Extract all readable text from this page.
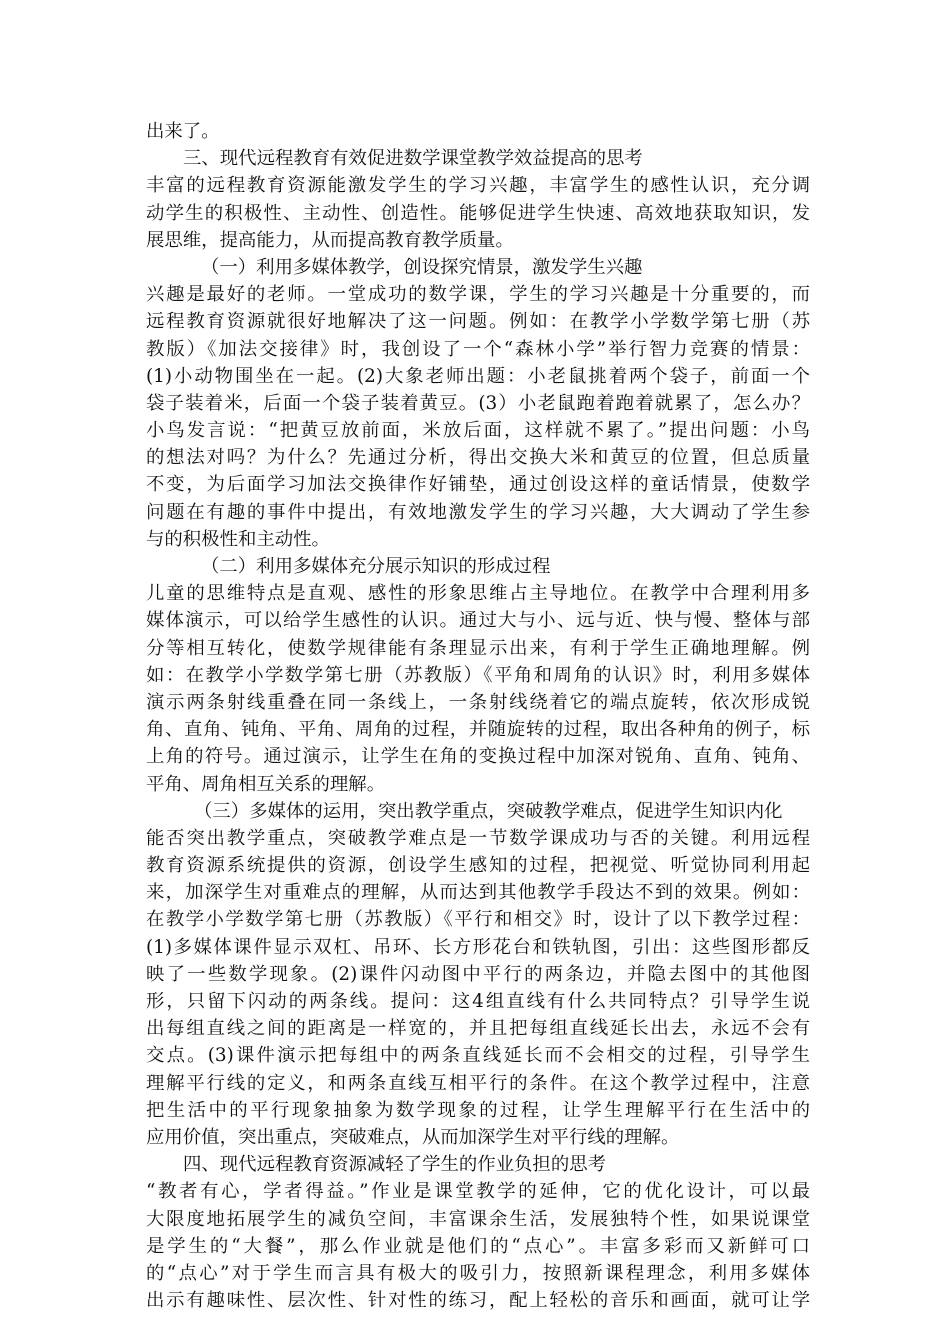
出来了。
三、现代远程教育有效促进数学课堂教学效益提高的思考
丰富的远程教育资源能激发学生的学习兴趣，丰富学生的感性认识，充分调
动学生的积极性、主动性、创造性。能够促进学生快速、高效地获取知识，发
展思维，提高能力，从而提高教育教学质量。
（一）利用多媒体教学，创设探究情景，激发学生兴趣
兴趣是最好的老师。一堂成功的数学课，学生的学习兴趣是十分重要的，而
远程教育资源就很好地解决了这一问题。例如：在教学小学数学第七册（苏
教版）《加法交接律》时，我创设了一个“森林小学”举行智力竞赛的情景：
(1)小动物围坐在一起。(2)大象老师出题：小老鼠挑着两个袋子，前面一个
袋子装着米，后面一个袋子装着黄豆。(3）小老鼠跑着跑着就累了，怎么办？
小鸟发言说：“把黄豆放前面，米放后面，这样就不累了。”提出问题：小鸟
的想法对吗？为什么？先通过分析，得出交换大米和黄豆的位置，但总质量
不变，为后面学习加法交换律作好铺垫，通过创设这样的童话情景，使数学
问题在有趣的事件中提出，有效地激发学生的学习兴趣，大大调动了学生参
与的积极性和主动性。
（二）利用多媒体充分展示知识的形成过程
儿童的思维特点是直观、感性的形象思维占主导地位。在教学中合理利用多
媒体演示，可以给学生感性的认识。通过大与小、远与近、快与慢、整体与部
分等相互转化，使数学规律能有条理显示出来，有利于学生正确地理解。例
如：在教学小学数学第七册（苏教版）《平角和周角的认识》时，利用多媒体
演示两条射线重叠在同一条线上，一条射线绕着它的端点旋转，依次形成锐
角、直角、钝角、平角、周角的过程，并随旋转的过程，取出各种角的例子，标
上角的符号。通过演示，让学生在角的变换过程中加深对锐角、直角、钝角、
平角、周角相互关系的理解。
（三）多媒体的运用，突出教学重点，突破教学难点，促进学生知识内化
能否突出教学重点，突破教学难点是一节数学课成功与否的关键。利用远程
教育资源系统提供的资源，创设学生感知的过程，把视觉、听觉协同利用起
来，加深学生对重难点的理解，从而达到其他教学手段达不到的效果。例如：
在教学小学数学第七册（苏教版）《平行和相交》时，设计了以下教学过程：
(1)多媒体课件显示双杠、吊环、长方形花台和铁轨图，引出：这些图形都反
映了一些数学现象。(2)课件闪动图中平行的两条边，并隐去图中的其他图
形，只留下闪动的两条线。提问：这4组直线有什么共同特点？引导学生说
出每组直线之间的距离是一样宽的，并且把每组直线延长出去，永远不会有
交点。(3)课件演示把每组中的两条直线延长而不会相交的过程，引导学生
理解平行线的定义，和两条直线互相平行的条件。在这个教学过程中，注意
把生活中的平行现象抽象为数学现象的过程，让学生理解平行在生活中的
应用价值，突出重点，突破难点，从而加深学生对平行线的理解。
四、现代远程教育资源减轻了学生的作业负担的思考
“教者有心，学者得益。”作业是课堂教学的延伸，它的优化设计，可以最
大限度地拓展学生的减负空间，丰富课余生活，发展独特个性，如果说课堂
是学生的“大餐”，那么作业就是他们的“点心”。丰富多彩而又新鲜可口
的“点心”对于学生而言具有极大的吸引力，按照新课程理念，利用多媒体
出示有趣味性、层次性、针对性的练习，配上轻松的音乐和画面，就可让学
